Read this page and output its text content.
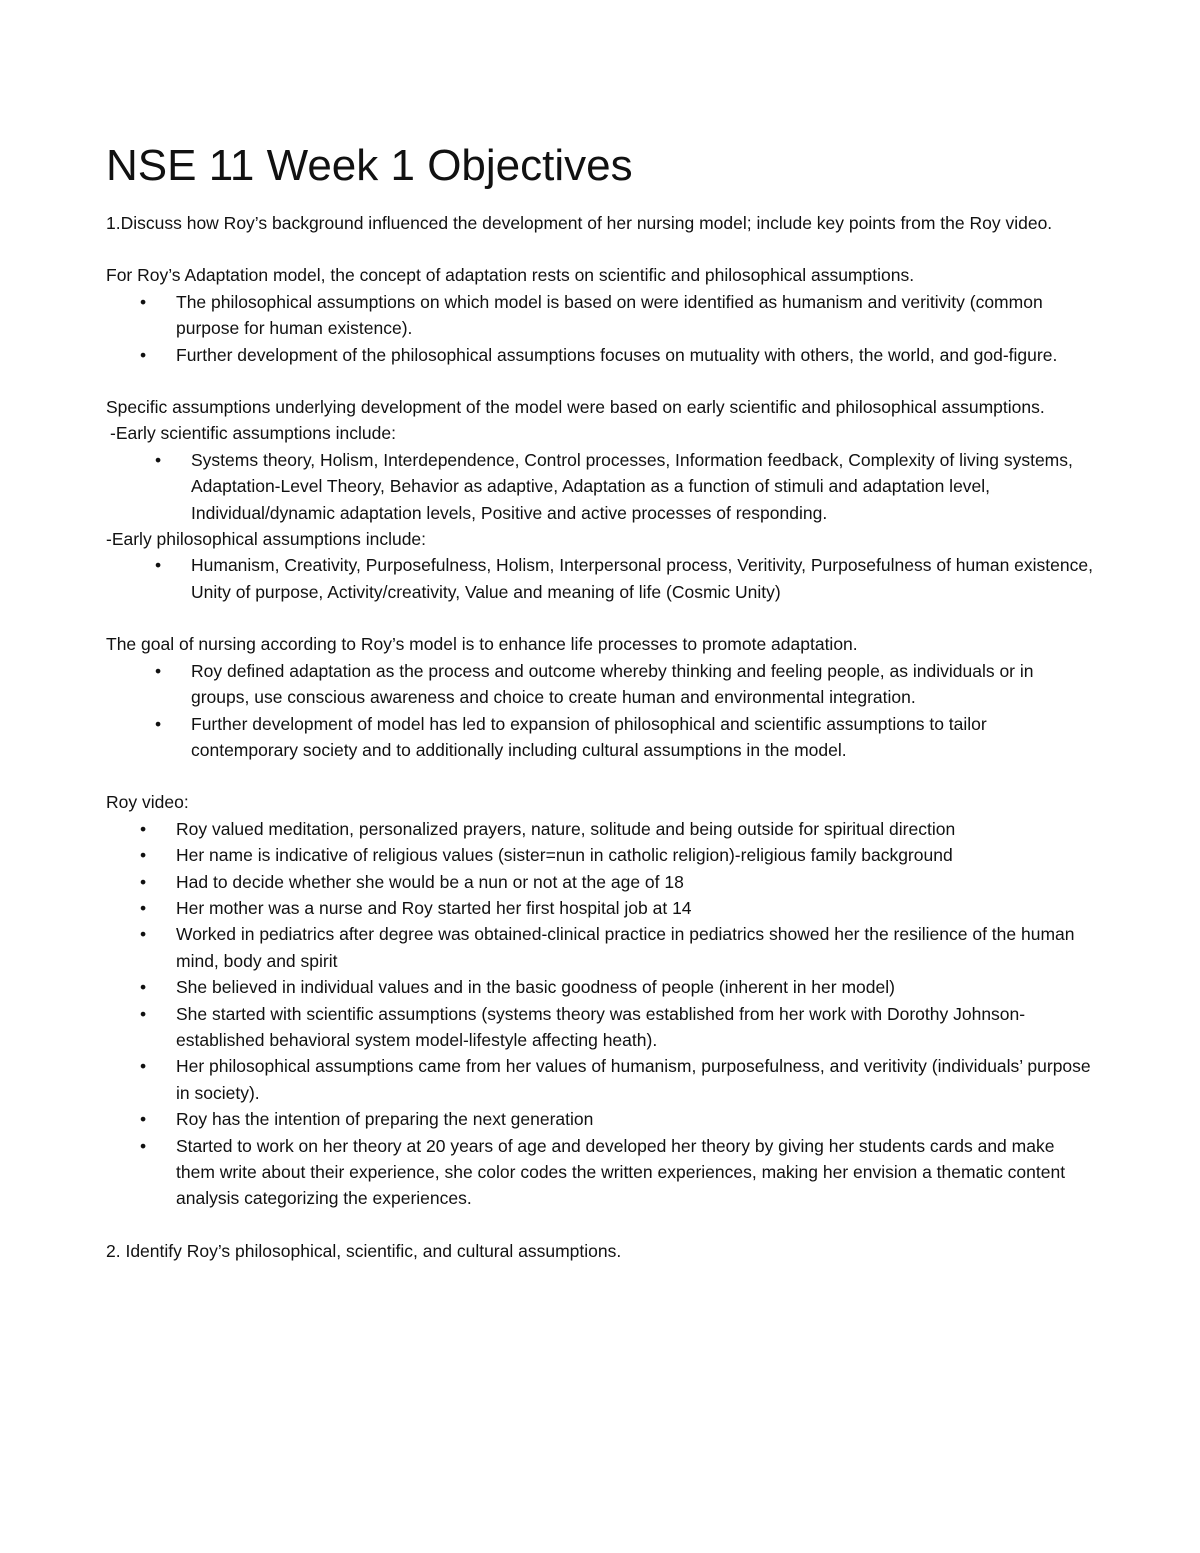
NSE 11 Week 1 Objectives

1.Discuss how Roy’s background influenced the development of her nursing model; include key points from the Roy video.

For Roy’s Adaptation model, the concept of adaptation rests on scientific and philosophical assumptions.

•	The philosophical assumptions on which model is based on were identified as humanism and veritivity (common purpose for human existence).
•	Further development of the philosophical assumptions focuses on mutuality with others, the world, and god-figure.

Specific assumptions underlying development of the model were based on early scientific and philosophical assumptions.

-Early scientific assumptions include:

•	Systems theory, Holism, Interdependence, Control processes, Information feedback, Complexity of living systems, Adaptation-Level Theory, Behavior as adaptive, Adaptation as a function of stimuli and adaptation level, Individual/dynamic adaptation levels, Positive and active processes of responding.

-Early philosophical assumptions include:

•	Humanism, Creativity, Purposefulness, Holism, Interpersonal process, Veritivity, Purposefulness of human existence, Unity of purpose, Activity/creativity, Value and meaning of life (Cosmic Unity)

The goal of nursing according to Roy’s model is to enhance life processes to promote adaptation.

•	Roy defined adaptation as the process and outcome whereby thinking and feeling people, as individuals or in groups, use conscious awareness and choice to create human and environmental integration.
•	Further development of model has led to expansion of philosophical and scientific assumptions to tailor contemporary society and to additionally including cultural assumptions in the model.

Roy video:

•	Roy valued meditation, personalized prayers, nature, solitude and being outside for spiritual direction
•	Her name is indicative of religious values (sister=nun in catholic religion)-religious family background
•	Had to decide whether she would be a nun or not at the age of 18
•	Her mother was a nurse and Roy started her first hospital job at 14
•	Worked in pediatrics after degree was obtained-clinical practice in pediatrics showed her the resilience of the human mind, body and spirit
•	She believed in individual values and in the basic goodness of people (inherent in her model)
•	She started with scientific assumptions (systems theory was established from her work with Dorothy Johnson-established behavioral system model-lifestyle affecting heath).
•	Her philosophical assumptions came from her values of humanism, purposefulness, and veritivity (individuals’ purpose in society).
•	Roy has the intention of preparing the next generation
•	Started to work on her theory at 20 years of age and developed her theory by giving her students cards and make them write about their experience, she color codes the written experiences, making her envision a thematic content analysis categorizing the experiences.

2. Identify Roy’s philosophical, scientific, and cultural assumptions.
